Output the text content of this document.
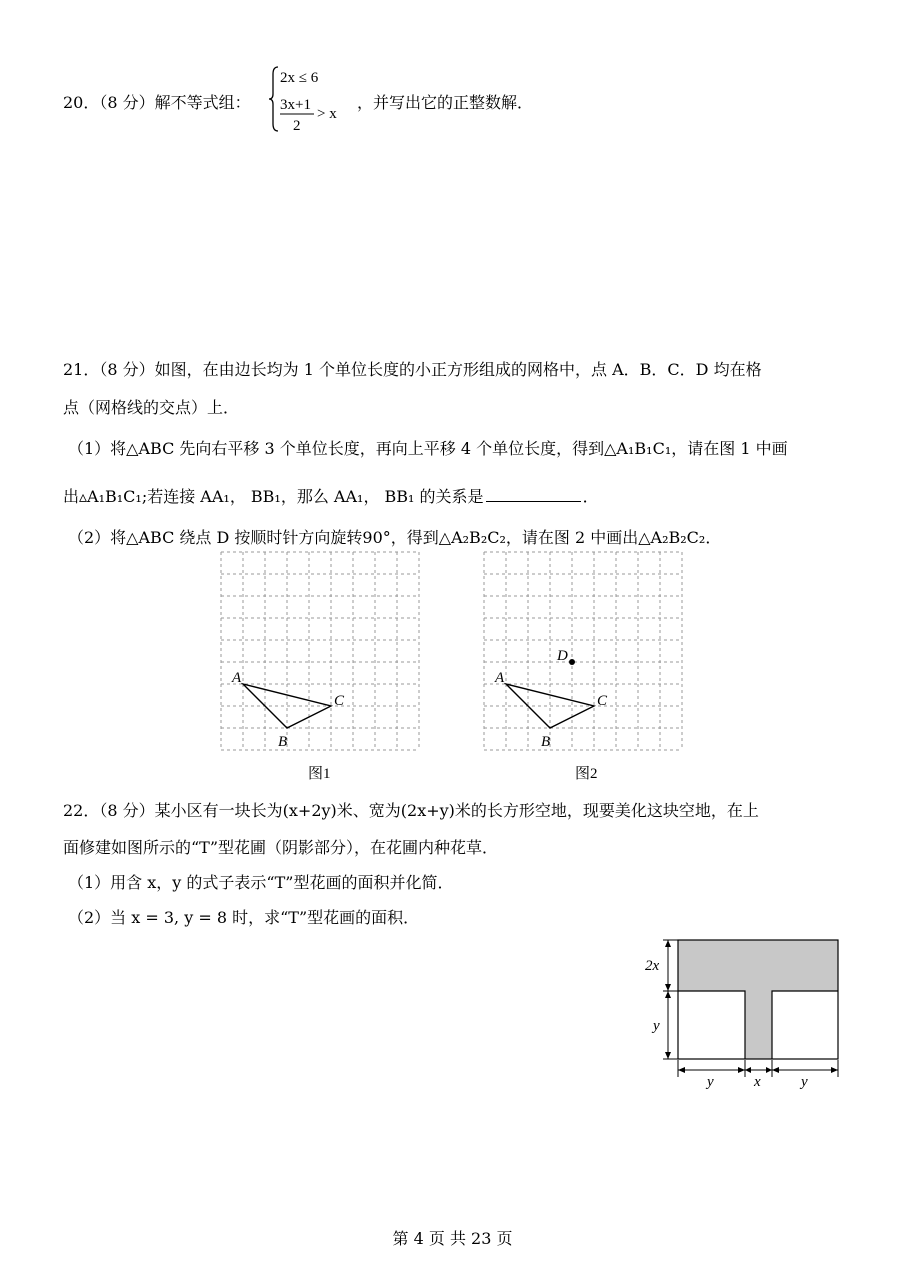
20．（8 分）解不等式组：
2x ≤ 6
3x+1
2
> x
，并写出它的正整数解．
21．（8 分）如图，在由边长均为 1 个单位长度的小正方形组成的网格中，点 A．B．C．D 均在格
点（网格线的交点）上．
（1）将△ABC 先向右平移 3 个单位长度，再向上平移 4 个单位长度，得到△A₁B₁C₁，请在图 1 中画
出▵A₁B₁C₁;若连接 AA₁， BB₁，那么 AA₁， BB₁ 的关系是	．
（2）将△ABC 绕点 D 按顺时针方向旋转90°，得到△A₂B₂C₂，请在图 2 中画出△A₂B₂C₂．
A
B
C
图1
D
A
B
C
图2
22．（8 分）某小区有一块长为(x+2y)米、宽为(2x+y)米的长方形空地，现要美化这块空地，在上
面修建如图所示的“T”型花圃（阴影部分），在花圃内种花草．
（1）用含 x，y 的式子表示“T”型花画的面积并化简．
（2）当 x = 3, y = 8 时，求“T”型花画的面积．
2x
y
y	x	y
第 4 页 共 23 页
